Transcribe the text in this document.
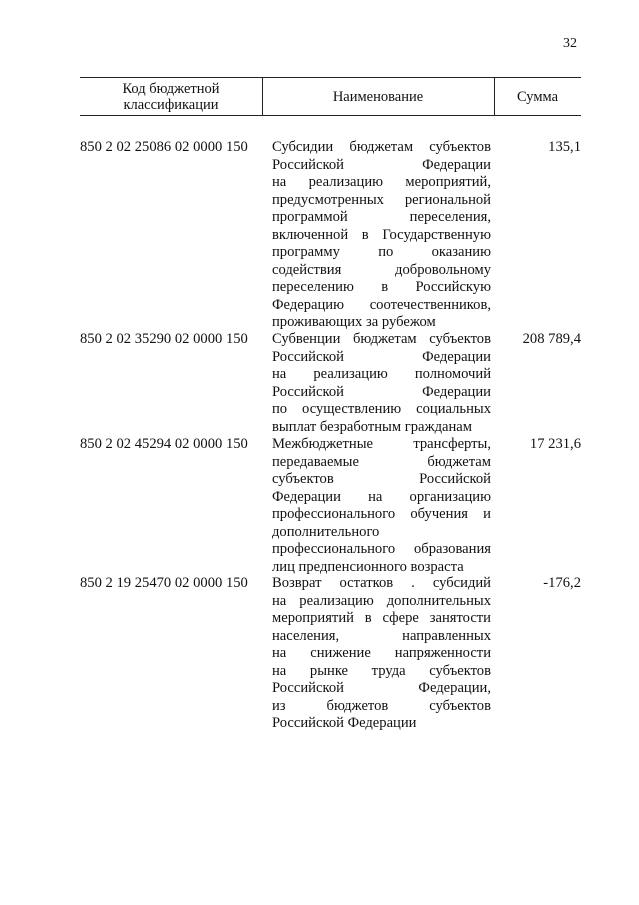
32
Код бюджетной
классификации	Наименование	Сумма
850 2 02 25086 02 0000 150 Субсидии бюджетам субъектов
Российской Федерации
на реализацию мероприятий,
предусмотренных региональной
программой переселения,
включенной в Государственную
программу по оказанию
содействия добровольному
переселению в Российскую
Федерацию соотечественников,
проживающих за рубежом
135,1
850 2 02 35290 02 0000 150 Субвенции бюджетам субъектов
Российской Федерации
на реализацию полномочий
Российской Федерации
по осуществлению социальных
выплат безработным гражданам
208 789,4
850 2 02 45294 02 0000 150 Межбюджетные трансферты,
передаваемые бюджетам
субъектов Российской
Федерации на организацию
профессионального обучения и
дополнительного
профессионального образования
лиц предпенсионного возраста
17 231,6
850 2 19 25470 02 0000 150 Возврат остатков . субсидий
на реализацию дополнительных
мероприятий в сфере занятости
населения, направленных
на снижение напряженности
на рынке труда субъектов
Российской Федерации,
из бюджетов субъектов
Российской Федерации
-176,2
